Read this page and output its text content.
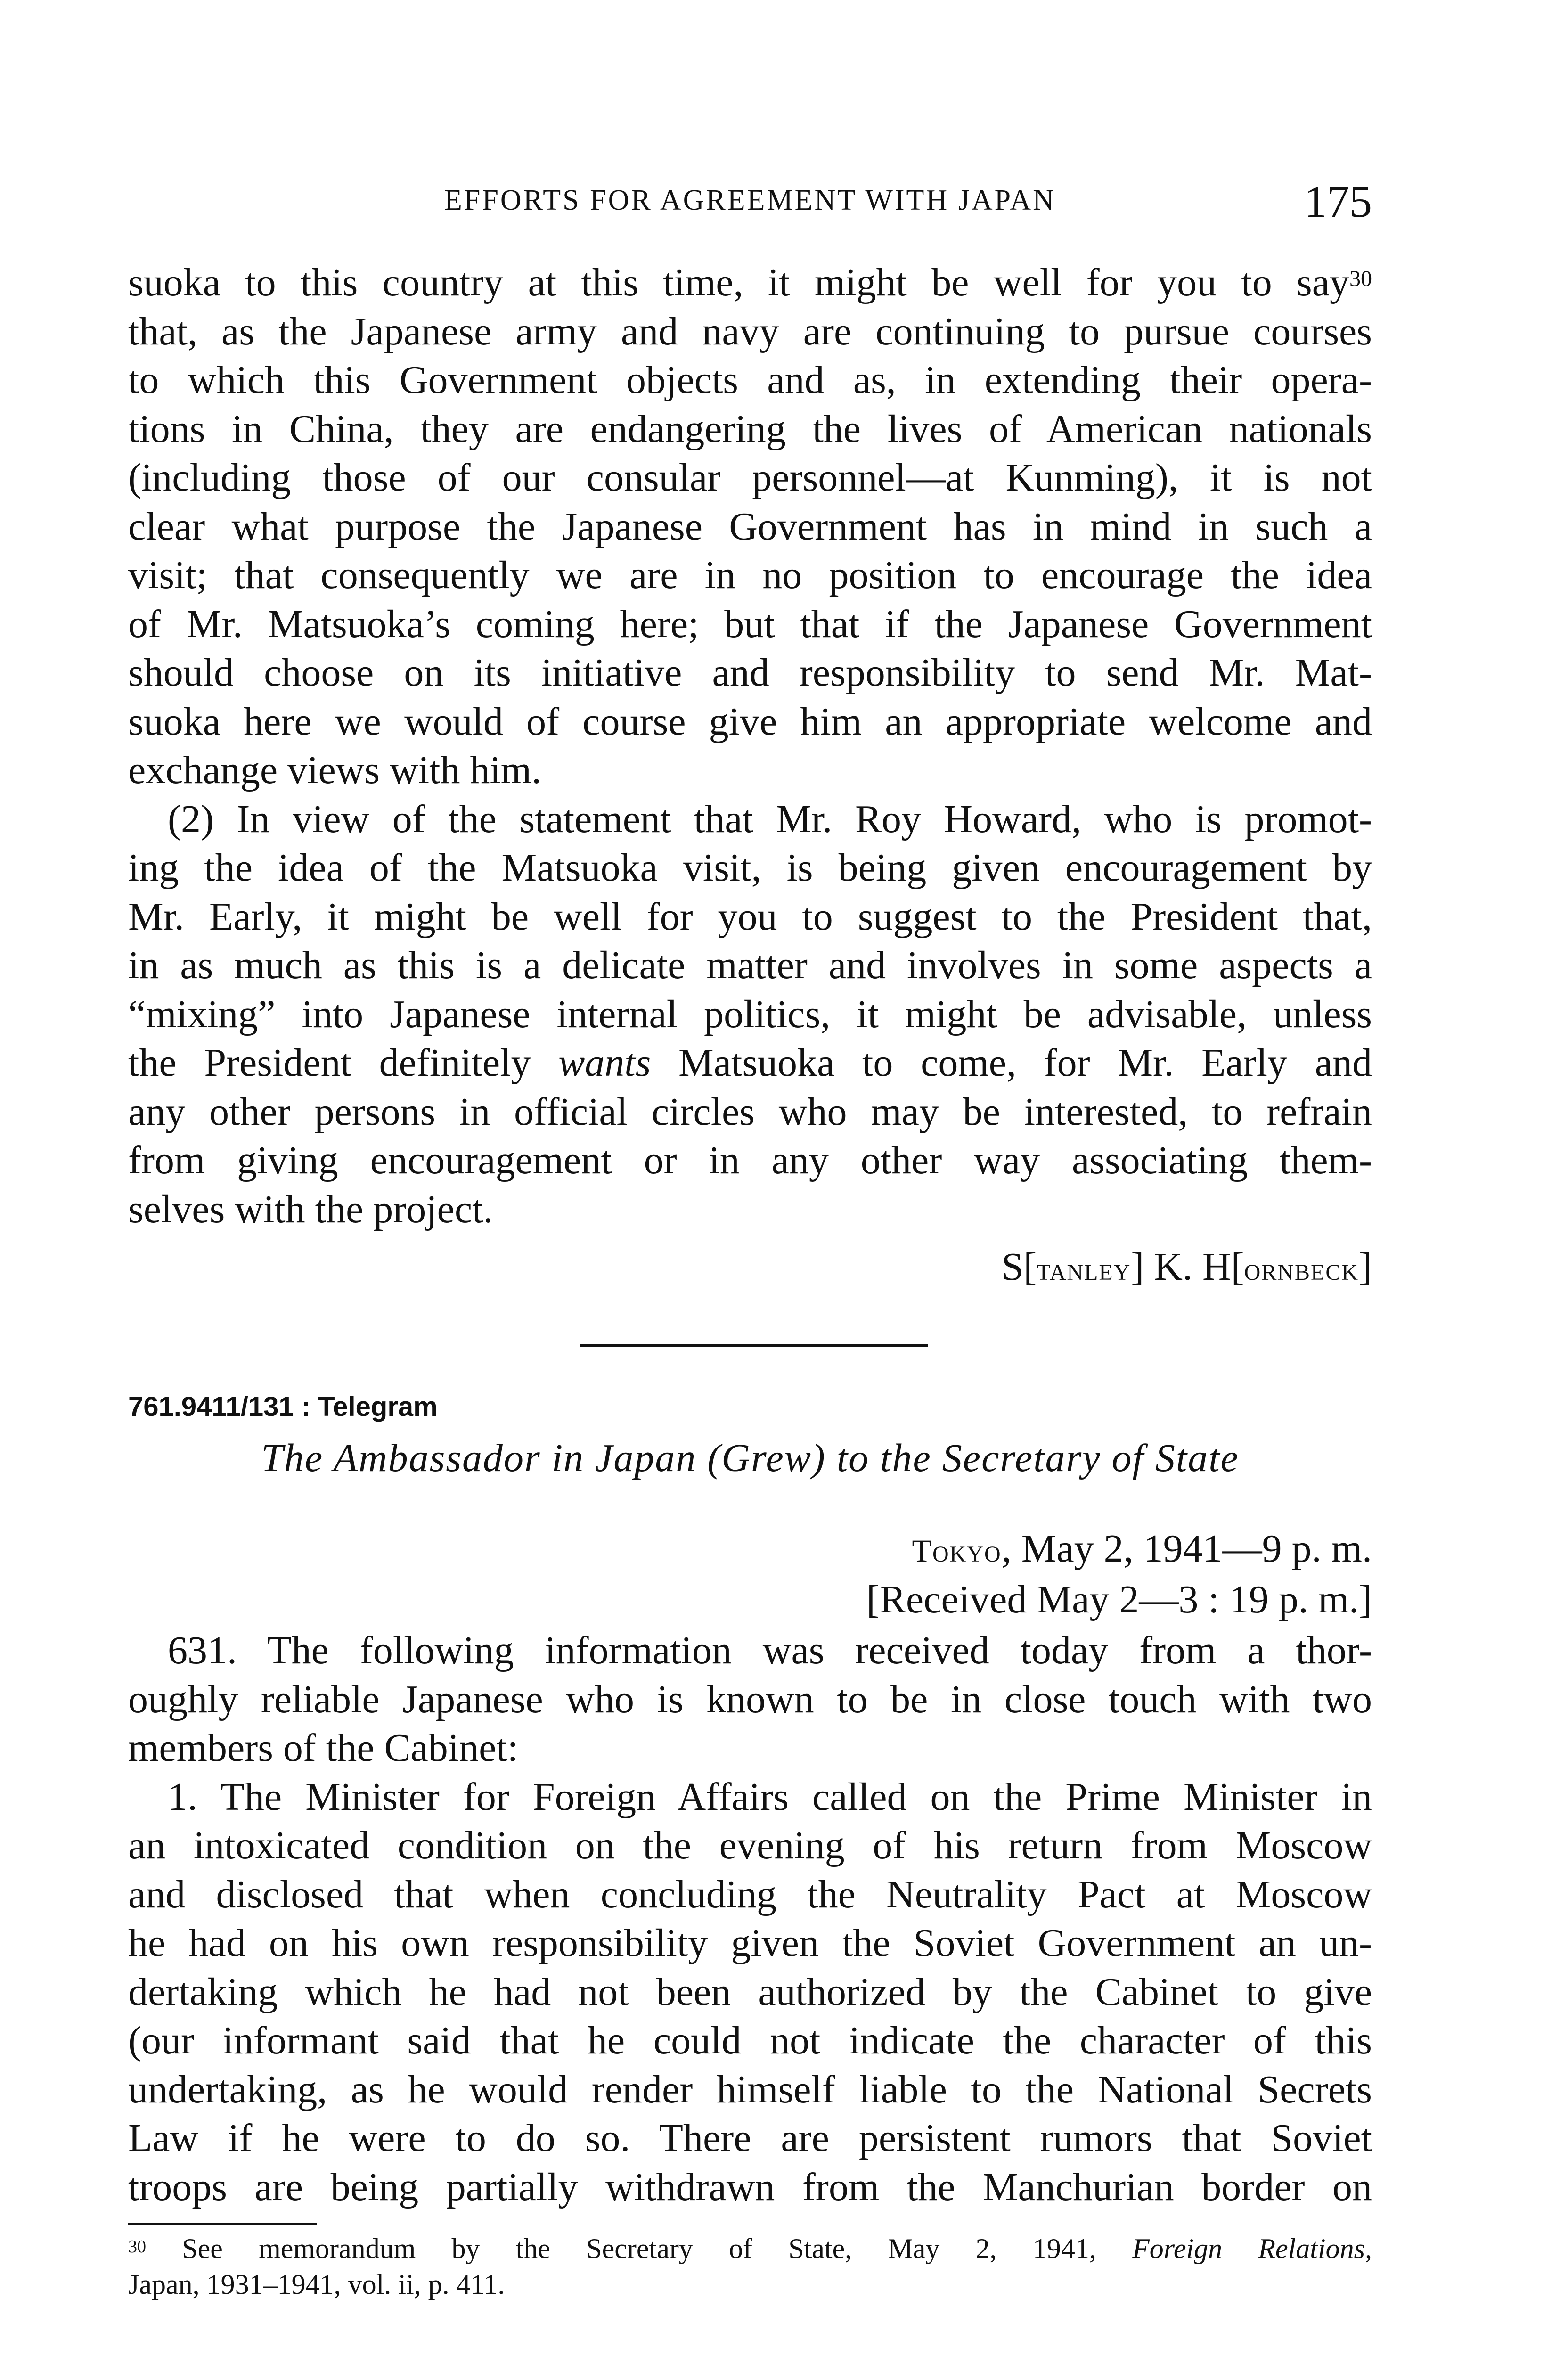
EFFORTS FOR AGREEMENT WITH JAPAN	175
suoka to this country at this time, it might be well for you to say$^{30}$
that, as the Japanese army and navy are continuing to pursue courses
to which this Government objects and as, in extending their opera-
tions in China, they are endangering the lives of American nationals
(including those of our consular personnel—at Kunming), it is not
clear what purpose the Japanese Government has in mind in such a
visit; that consequently we are in no position to encourage the idea
of Mr. Matsuoka’s coming here; but that if the Japanese Government
should choose on its initiative and responsibility to send Mr. Mat-
suoka here we would of course give him an appropriate welcome and
exchange views with him.
(2) In view of the statement that Mr. Roy Howard, who is promot-
ing the idea of the Matsuoka visit, is being given encouragement by
Mr. Early, it might be well for you to suggest to the President that,
in as much as this is a delicate matter and involves in some aspects a
“mixing” into Japanese internal politics, it might be advisable, unless
the President definitely wants Matsuoka to come, for Mr. Early and
any other persons in official circles who may be interested, to refrain
from giving encouragement or in any other way associating them-
selves with the project.
S[tanley] K. H[ornbeck]
761.9411/131 : Telegram
The Ambassador in Japan (Grew) to the Secretary of State
Tokyo, May 2, 1941—9 p. m.
[Received May 2—3 : 19 p. m.]
631. The following information was received today from a thor-
oughly reliable Japanese who is known to be in close touch with two
members of the Cabinet:
1. The Minister for Foreign Affairs called on the Prime Minister in
an intoxicated condition on the evening of his return from Moscow
and disclosed that when concluding the Neutrality Pact at Moscow
he had on his own responsibility given the Soviet Government an un-
dertaking which he had not been authorized by the Cabinet to give
(our informant said that he could not indicate the character of this
undertaking, as he would render himself liable to the National Secrets
Law if he were to do so. There are persistent rumors that Soviet
troops are being partially withdrawn from the Manchurian border on
$^{30}$ See memorandum by the Secretary of State, May 2, 1941, Foreign Relations,
Japan, 1931–1941, vol. ii, p. 411.
